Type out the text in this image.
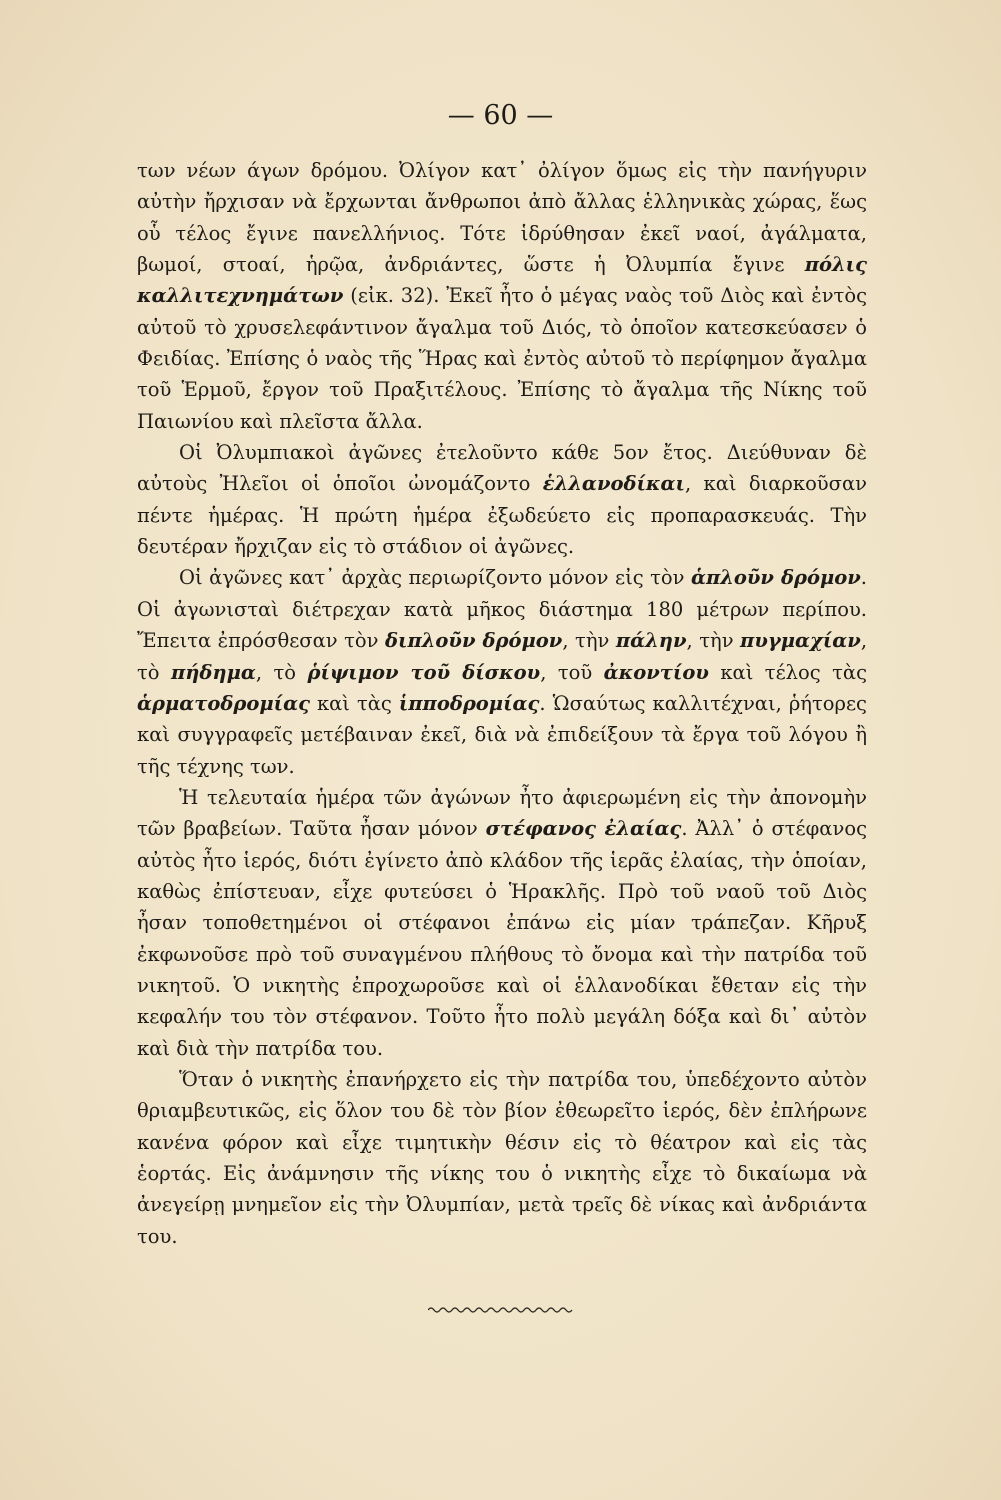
— 60 —

των νέων άγων δρόμου. Ὀλίγον κατ᾿ ὀλίγον ὅμως εἰς τὴν πανήγυριν αὐτὴν ἤρχισαν νὰ ἔρχωνται ἄνθρωποι ἀπὸ ἄλλας ἑλληνικὰς χώρας, ἕως οὗ τέλος ἔγινε πανελλήνιος. Τότε ἱδρύθησαν ἐκεῖ ναοί, ἀγάλματα, βωμοί, στοαί, ἡρῷα, ἀνδριάντες, ὥστε ἡ Ὀλυμπία ἔγινε πόλις καλλιτεχνημάτων (εἰκ. 32). Ἐκεῖ ἦτο ὁ μέγας ναὸς τοῦ Διὸς καὶ ἐντὸς αὐτοῦ τὸ χρυσελεφάντινον ἄγαλμα τοῦ Διός, τὸ ὁποῖον κατεσκεύασεν ὁ Φειδίας. Ἐπίσης ὁ ναὸς τῆς Ἥρας καὶ ἐντὸς αὐτοῦ τὸ περίφημον ἄγαλμα τοῦ Ἑρμοῦ, ἔργον τοῦ Πραξιτέλους. Ἐπίσης τὸ ἄγαλμα τῆς Νίκης τοῦ Παιωνίου καὶ πλεῖστα ἄλλα.

Οἱ Ὀλυμπιακοὶ ἀγῶνες ἐτελοῦντο κάθε 5ον ἔτος. Διεύθυναν δὲ αὐτοὺς Ἠλεῖοι οἱ ὁποῖοι ὠνομάζοντο ἑλλανοδίκαι, καὶ διαρκοῦσαν πέντε ἡμέρας. Ἡ πρώτη ἡμέρα ἐξωδεύετο εἰς προπαρασκευάς. Τὴν δευτέραν ἤρχιζαν εἰς τὸ στάδιον οἱ ἀγῶνες.

Οἱ ἀγῶνες κατ᾿ ἀρχὰς περιωρίζοντο μόνον εἰς τὸν ἁπλοῦν δρόμον. Οἱ ἀγωνισταὶ διέτρεχαν κατὰ μῆκος διάστημα 180 μέτρων περίπου. Ἔπειτα ἐπρόσθεσαν τὸν διπλοῦν δρόμον, τὴν πάλην, τὴν πυγμαχίαν, τὸ πήδημα, τὸ ῥίψιμον τοῦ δίσκου, τοῦ ἀκοντίου καὶ τέλος τὰς ἁρματοδρομίας καὶ τὰς ἱπποδρομίας. Ὡσαύτως καλλιτέχναι, ῥήτορες καὶ συγγραφεῖς μετέβαιναν ἐκεῖ, διὰ νὰ ἐπιδείξουν τὰ ἔργα τοῦ λόγου ἢ τῆς τέχνης των.

Ἡ τελευταία ἡμέρα τῶν ἀγώνων ἦτο ἀφιερωμένη εἰς τὴν ἀπονομὴν τῶν βραβείων. Ταῦτα ἦσαν μόνον στέφανος ἐλαίας. Ἀλλ᾿ ὁ στέφανος αὐτὸς ἦτο ἱερός, διότι ἐγίνετο ἀπὸ κλάδον τῆς ἱερᾶς ἐλαίας, τὴν ὁποίαν, καθὼς ἐπίστευαν, εἶχε φυτεύσει ὁ Ἡρακλῆς. Πρὸ τοῦ ναοῦ τοῦ Διὸς ἦσαν τοποθετημένοι οἱ στέφανοι ἐπάνω εἰς μίαν τράπεζαν. Κῆρυξ ἐκφωνοῦσε πρὸ τοῦ συναγμένου πλήθους τὸ ὄνομα καὶ τὴν πατρίδα τοῦ νικητοῦ. Ὁ νικητὴς ἐπροχωροῦσε καὶ οἱ ἑλλανοδίκαι ἔθεταν εἰς τὴν κεφαλήν του τὸν στέφανον. Τοῦτο ἦτο πολὺ μεγάλη δόξα καὶ δι᾿ αὐτὸν καὶ διὰ τὴν πατρίδα του.

Ὅταν ὁ νικητὴς ἐπανήρχετο εἰς τὴν πατρίδα του, ὑπεδέχοντο αὐτὸν θριαμβευτικῶς, εἰς ὅλον του δὲ τὸν βίον ἐθεωρεῖτο ἱερός, δὲν ἐπλήρωνε κανένα φόρον καὶ εἶχε τιμητικὴν θέσιν εἰς τὸ θέατρον καὶ εἰς τὰς ἑορτάς. Εἰς ἀνάμνησιν τῆς νίκης του ὁ νικητὴς εἶχε τὸ δικαίωμα νὰ ἀνεγείρῃ μνημεῖον εἰς τὴν Ὀλυμπίαν, μετὰ τρεῖς δὲ νίκας καὶ ἀνδριάντα του.
